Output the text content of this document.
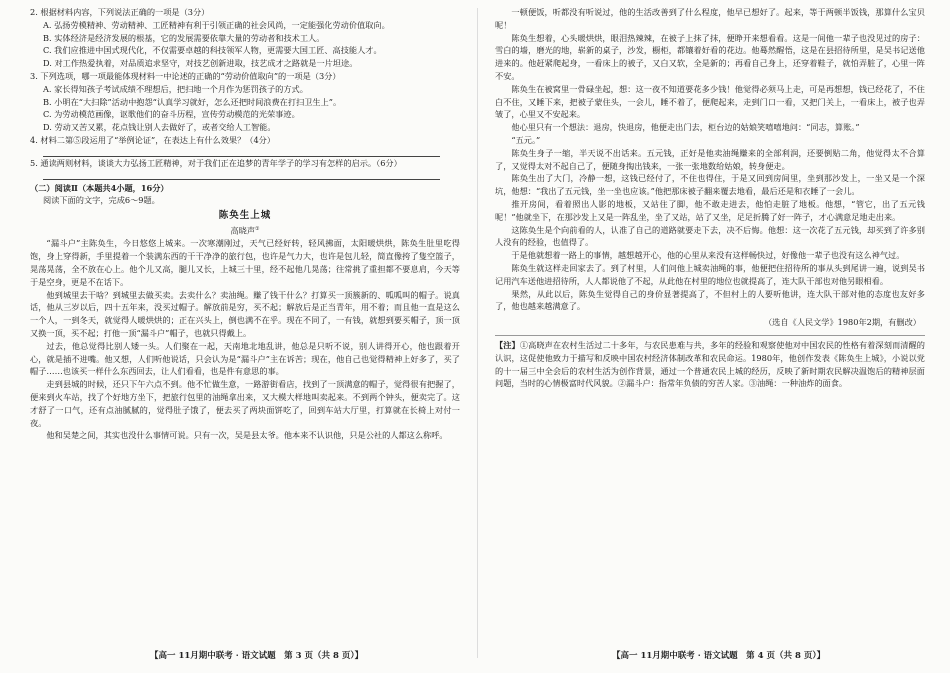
2. 根据材料内容，下列说法正确的一项是（3分）
A. 弘扬劳模精神、劳动精神、工匠精神有利于引领正确的社会风尚，一定能强化劳动价值取向。
B. 实体经济是经济发展的根基，它的发展需要依靠大量的劳动者和技术工人。
C. 我们应推进中国式现代化，不仅需要卓越的科技领军人物，更需要大国工匠、高技能人才。
D. 对工作热爱执着，对品质追求坚守，对技艺创新进取，技艺成才之路就是一片坦途。
3. 下列选项，哪一项最能体现材料一中论述的正确的“劳动价值取向”的一项是（3分）
A. 家长得知孩子考试成绩不理想后，把扫地一个月作为惩罚孩子的方式。
B. 小明在“大扫除”活动中抱怨“认真学习就好，怎么还把时间浪费在打扫卫生上”。
C. 为劳动模范画像，讴歌他们的奋斗历程，宣传劳动模范的光荣事迹。
D. 劳动又苦又累，花点钱让别人去做好了，或者交给人工智能。
4. 材料二第⑤段运用了“举例论证”，在表达上有什么效果？（4分）
5. 通读两则材料，谈谈大力弘扬工匠精神，对于我们正在追梦的青年学子的学习有怎样的启示。（6分）
（二）阅读Ⅱ（本题共4小题，16分）
阅读下面的文字，完成6～9题。
陈奂生上城
高晓声①

“漏斗户”主陈奂生，今日悠悠上城来。一次寒潮刚过，天气已经好转，轻风拂面，太阳暖烘烘，陈奂生肚里吃得饱，身上穿得新，手里提着一个装满东西的干干净净的旅行包，也许是气力大，也许是包儿轻，简直像挎了隻空篮子，晃荡晃荡，全不放在心上。他个儿又高，腿儿又长，上城三十里，经不起他几晃荡；往常挑了重担都不要息肩，今天等于是空身，更是不在话下。

他到城里去干啥？到城里去做买卖。去卖什么？卖油绳。赚了钱干什么？打算买一顶簇新的、呱呱叫的帽子。说真话，他从三岁以后，四十五年来，没买过帽子。解放前是穷，买不起；解放后是正当青年，用不着；而且他一直是这么一个人，一到冬天，就觉得人暖烘烘的；正在兴头上，倒也满不在乎。现在不同了，一有钱，就想到要买帽子，顶一顶又换一顶，买不起；打他一顶“漏斗户”帽子，也就只得戴上。

过去，他总觉得比别人矮一头。人们聚在一起，天南地北地乱讲，他总是只听不说，别人讲得开心，他也跟着开心，就是插不进嘴。他又想，人们听他说话，只会认为是“漏斗户”主在诉苦；现在，他自己也觉得精神上好多了，买了帽子……也该买一样什么东西回去，让人们看看，也是件有意思的事。

走到县城的时候，还只下午六点不到。他不忙做生意，一路游街看店，找到了一顶满意的帽子，觉得很有把握了，便来到火车站，找了个好地方坐下，把旅行包里的油绳拿出来，又大模大样地叫卖起来。不到两个钟头，便卖完了。这才舒了一口气，还有点油腻腻的，觉得肚子饿了，便去买了两块面饼吃了，回到车站大厅里，打算就在长椅上对付一夜。

他和吴楚之间，其实也没什么事情可说。只有一次，吴是县太爷。他本来不认识他，只是公社的人都这么称呼。

一顿便饭，听都没有听说过，他的生活改善到了什么程度，他早已想好了。起来，等于两顿半饭钱，那算什么宝贝呢！

陈奂生想着，心头暖烘烘，眼泪热辣辣，在被子上抹了抹，便睁开来想看看。这是一间他一辈子也没见过的房子：雪白的墙，磨光的地，崭新的桌子，沙发，橱柜，都镶着好看的花边。他蓦然醒悟，这是在县招待所里，是吴书记送他进来的。他赶紧爬起身，一看床上的被子，又白又软，全是新的；再看自己身上，还穿着鞋子，就怕弄脏了，心里一阵不安。

陈奂生在被窝里一骨碌坐起，想：这一夜不知道要花多少钱！他觉得必须马上走，可是再想想，钱已经花了，不住白不住，又睡下来，把被子蒙住头，一会儿，睡不着了，便爬起来，走到门口一看，又把门关上，一看床上，被子也弄皱了，心里又不安起来。

他心里只有一个想法：退房，快退房，他便走出门去，柜台边的姑娘笑嘻嘻地问：“同志，算账。”

“五元。”

陈奂生身子一缩，半天说不出话来。五元钱，正好是他卖油绳赚来的全部利润，还要倒贴二角，他觉得太不合算了，又觉得太对不起自己了，便随身掏出钱来，一张一张地数给姑娘，转身便走。

陈奂生出了大门，冷静一想，这钱已经付了，不住也得住，于是又回到房间里，坐到那沙发上，一坐又是一个深坑，他想：“我出了五元钱，坐一坐也应该。”他把那床被子翻来覆去地看，最后还是和衣睡了一会儿。

推开房间，看着照出人影的地板，又站住了脚，他不敢走进去，他怕走脏了地板。他想，“管它，出了五元钱呢！”他就坐下，在那沙发上又是一阵乱坐，坐了又站，站了又坐，足足折腾了好一阵子，才心满意足地走出来。

这陈奂生是个向前看的人，认准了自己的道路就要走下去，决不后悔。他想：这一次花了五元钱，却买到了许多别人没有的经验，也值得了。

于是他就想着一路上的事情，越想越开心，他的心里从来没有这样畅快过，好像他一辈子也没有这么神气过。

陈奂生就这样走回家去了。到了村里，人们问他上城卖油绳的事，他便把住招待所的事从头到尾讲一遍，说到吴书记用汽车送他进招待所，人人都说他了不起，从此他在村里的地位也就提高了，连大队干部也对他另眼相看。

果然，从此以后，陈奂生觉得自己的身价显著提高了，不但村上的人要听他讲，连大队干部对他的态度也友好多了，他也越来越满意了。

（选自《人民文学》1980年2期，有删改）
【注】①高晓声在农村生活过二十多年，与农民患难与共，多年的经验和观察使他对中国农民的性格有着深刻而清醒的认识，这促使他致力于描写和反映中国农村经济体制改革和农民命运。1980年，他创作发表《陈奂生上城》，小说以党的十一届三中全会后的农村生活为创作背景，通过一个普通农民上城的经历，反映了新时期农民解决温饱后的精神层面问题，当时的心情极富时代风貌。②漏斗户：指常年负债的穷苦人家。③油绳：一种油炸的面食。
【高一 11月期中联考 · 语文试题　第 3 页（共 8 页）】	【高一 11月期中联考 · 语文试题　第 4 页（共 8 页）】
